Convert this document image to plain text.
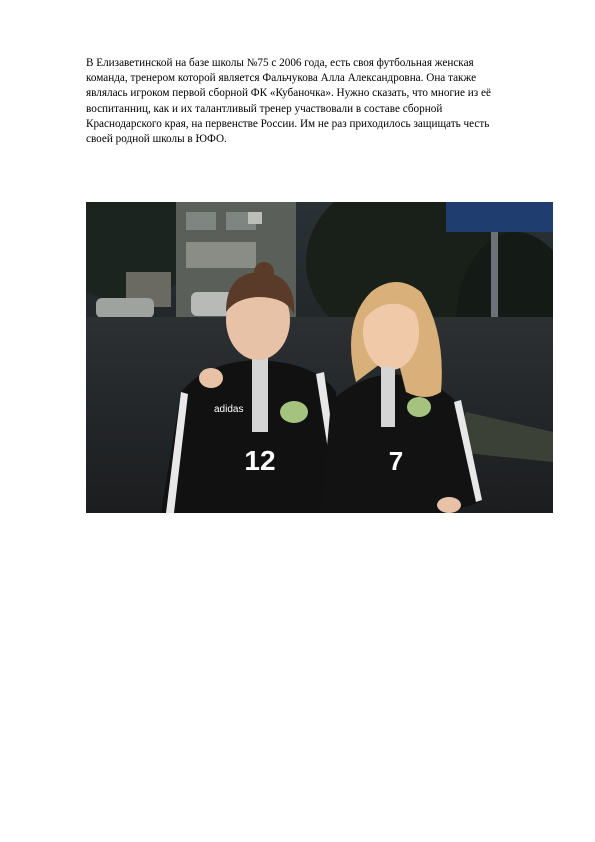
В Елизаветинской на базе школы №75 с 2006 года, есть своя футбольная женская
команда, тренером которой является Фальчукова Алла Александровна. Она также
являлась игроком первой сборной ФК «Кубаночка». Нужно сказать, что многие из её
воспитанниц, как и их талантливый тренер участвовали в составе сборной
Краснодарского края, на первенстве России. Им не раз приходилось защищать честь
своей родной школы в ЮФО.
12
adidas
7
